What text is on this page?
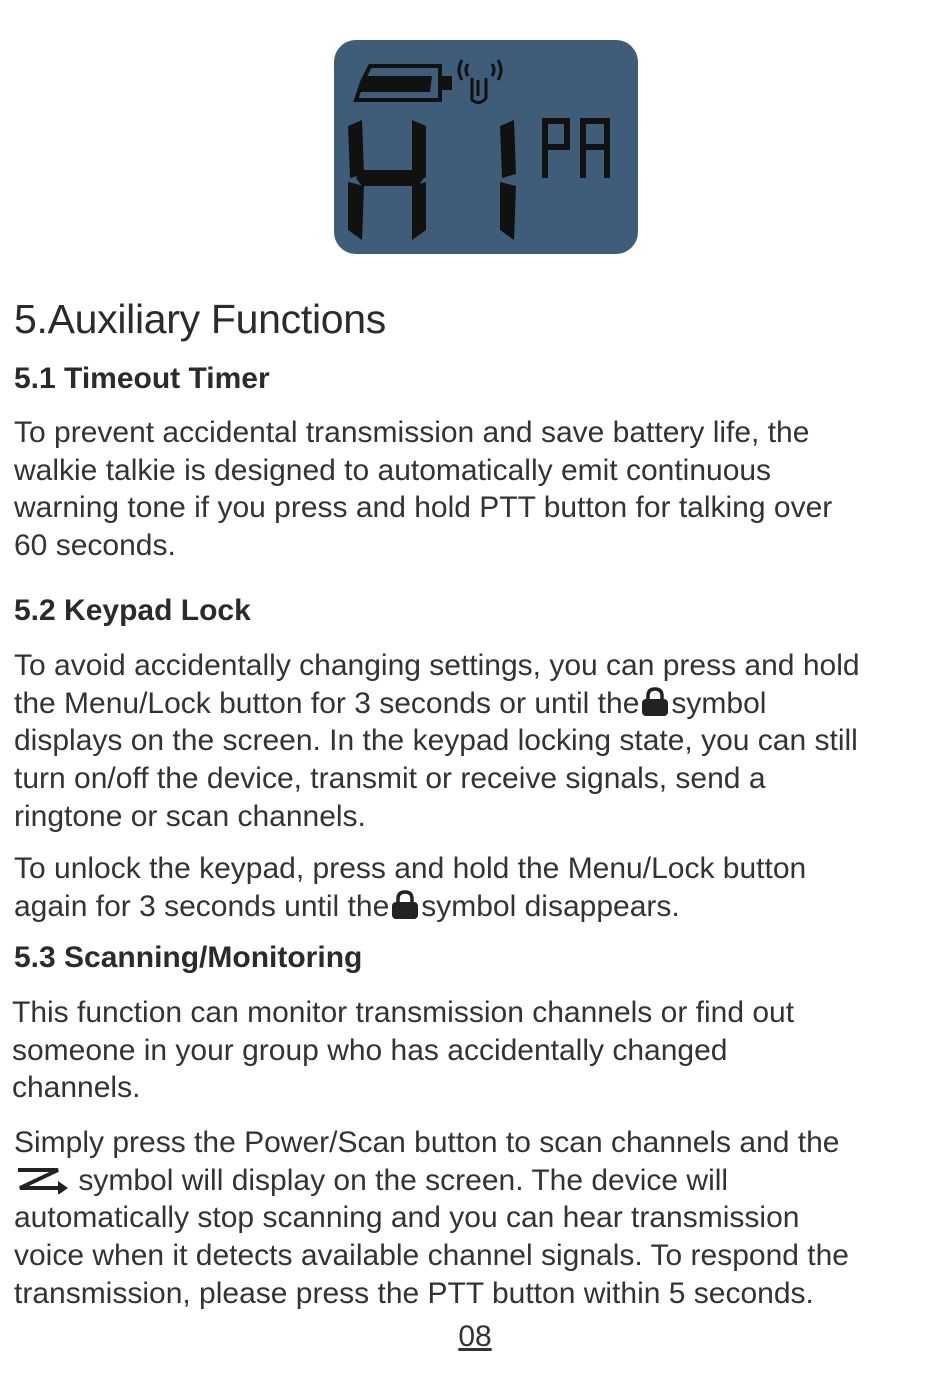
5.Auxiliary Functions
5.1 Timeout Timer
To prevent accidental transmission and save battery life, the
walkie talkie is designed to automatically emit continuous
warning tone if you press and hold PTT button for talking over
60 seconds.
5.2 Keypad Lock
To avoid accidentally changing settings, you can press and hold
the Menu/Lock button for 3 seconds or until the symbol
displays on the screen. In the keypad locking state, you can still
turn on/off the device, transmit or receive signals, send a
ringtone or scan channels.
To unlock the keypad, press and hold the Menu/Lock button
again for 3 seconds until the symbol disappears.
5.3 Scanning/Monitoring
This function can monitor transmission channels or find out
someone in your group who has accidentally changed
channels.
Simply press the Power/Scan button to scan channels and the
symbol will display on the screen. The device will
automatically stop scanning and you can hear transmission
voice when it detects available channel signals. To respond the
transmission, please press the PTT button within 5 seconds.
08
